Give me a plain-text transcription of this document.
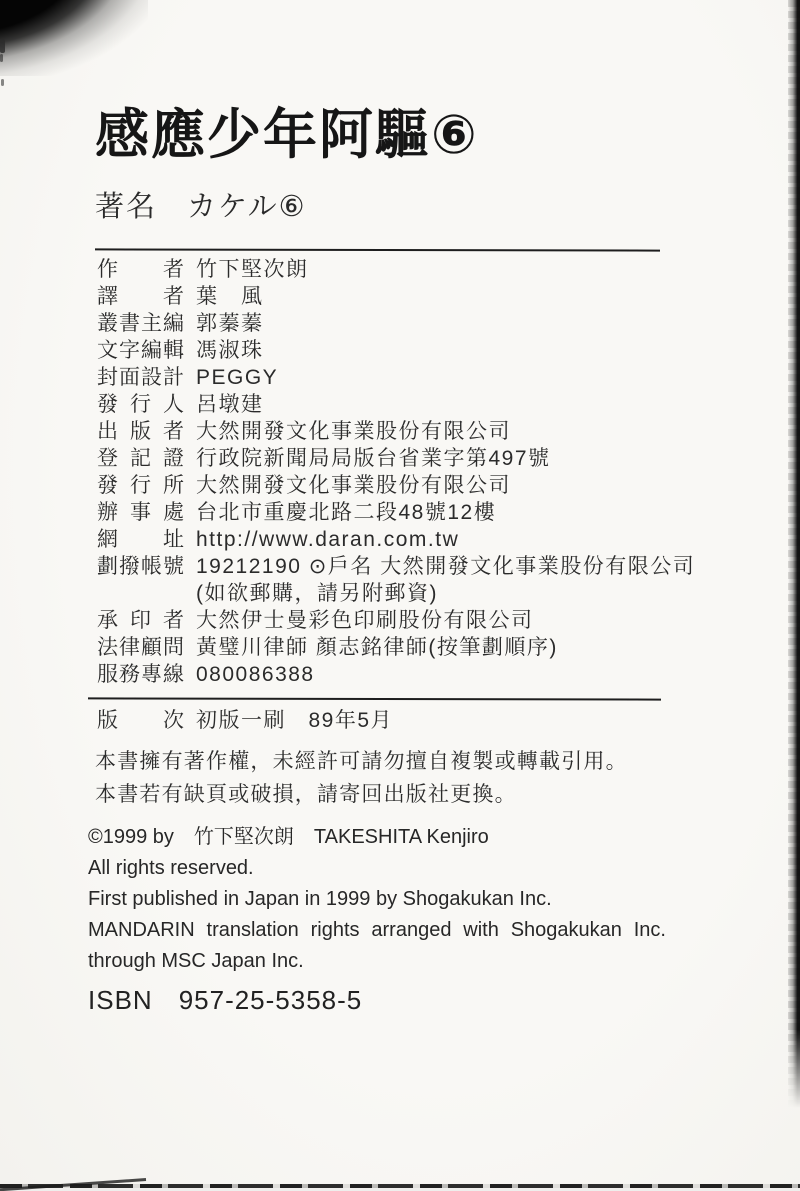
感應少年阿驅⑥
著名 カケル⑥
作者 竹下堅次朗
譯者 葉　風
叢書主編 郭蓁蓁
文字編輯 馮淑珠
封面設計 PEGGY
發行人 呂墩建
出版者 大然開發文化事業股份有限公司
登記證 行政院新聞局局版台省業字第497號
發行所 大然開發文化事業股份有限公司
辦事處 台北市重慶北路二段48號12樓
網址 http://www.daran.com.tw
劃撥帳號 19212190 ⊙戶名 大然開發文化事業股份有限公司
(如欲郵購，請另附郵資)
承印者 大然伊士曼彩色印刷股份有限公司
法律顧問 黃璧川律師 顏志銘律師(按筆劃順序)
服務專線 080086388
版次 初版一刷　89年5月
本書擁有著作權，未經許可請勿擅自複製或轉載引用。
本書若有缺頁或破損，請寄回出版社更換。
©1999 by　竹下堅次朗　TAKESHITA Kenjiro
All rights reserved.
First published in Japan in 1999 by Shogakukan Inc.
MANDARIN translation rights arranged with Shogakukan Inc.
through MSC Japan Inc.
ISBN 957-25-5358-5
